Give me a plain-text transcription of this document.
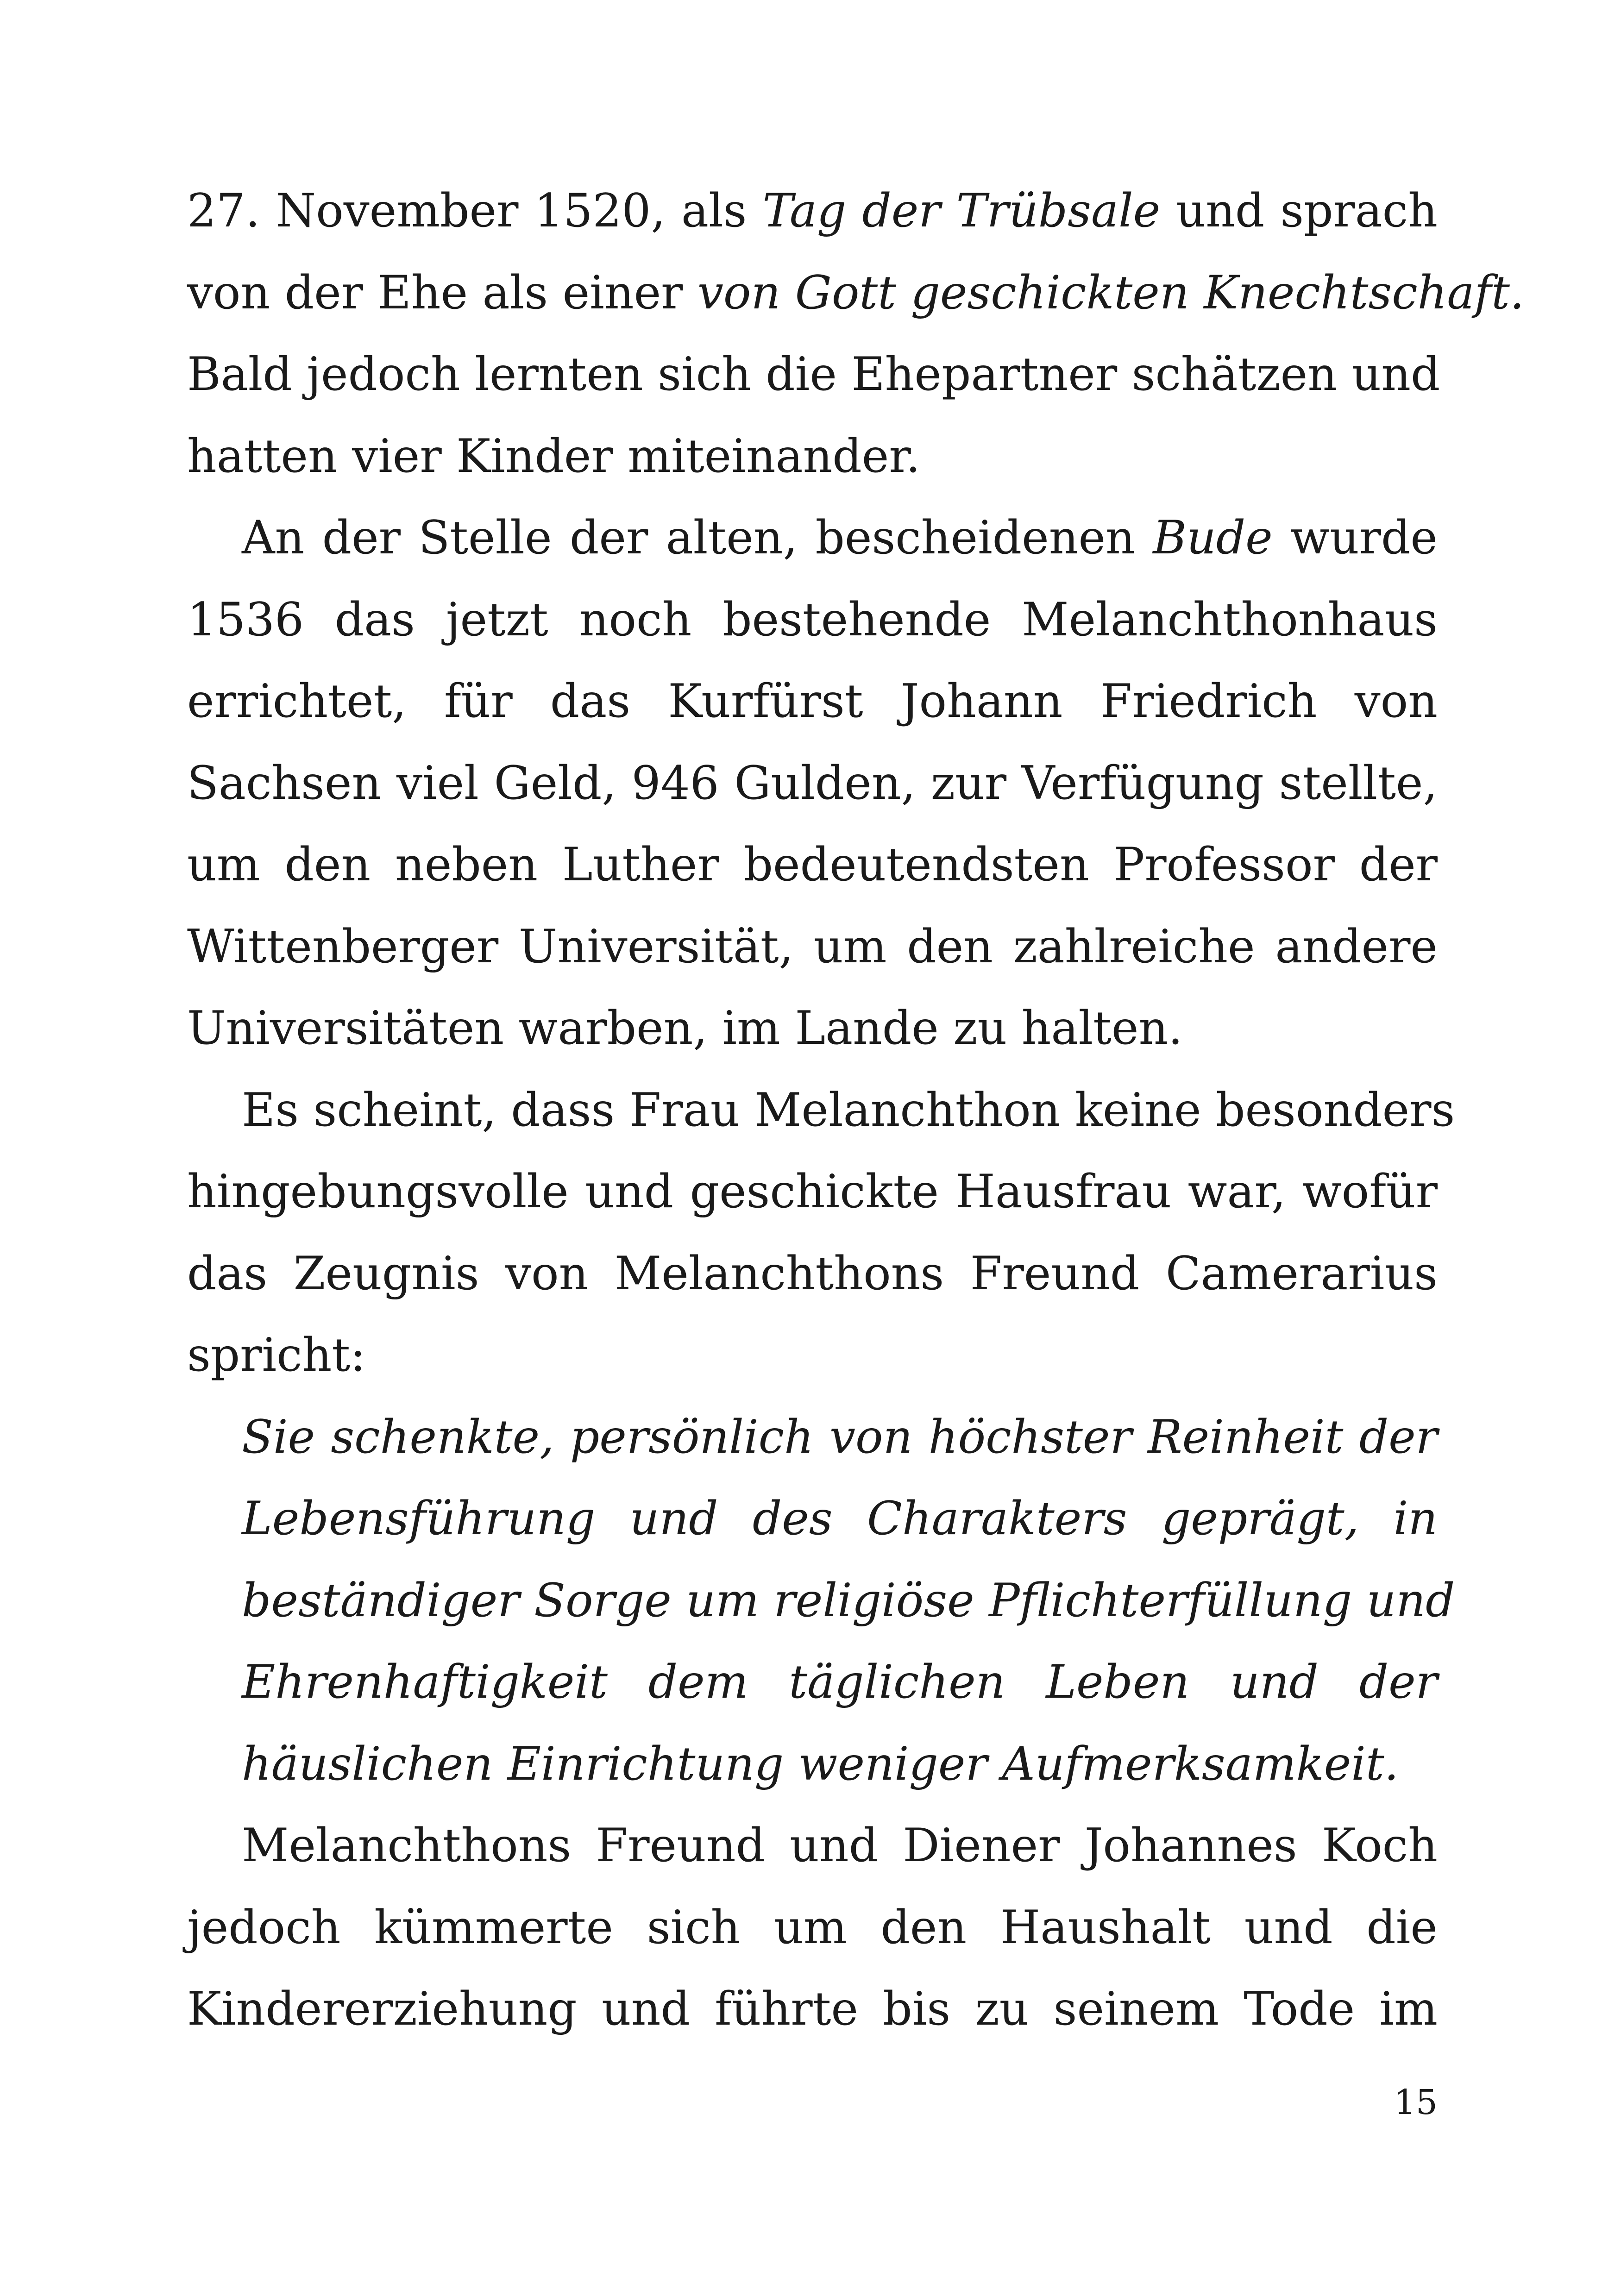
27. November 1520, als Tag der Trübsale und sprach
von der Ehe als einer von Gott geschickten Knechtschaft.
Bald jedoch lernten sich die Ehepartner schätzen und
hatten vier Kinder miteinander.
An der Stelle der alten, bescheidenen Bude wurde
1536 das jetzt noch bestehende Melanchthonhaus
errichtet, für das Kurfürst Johann Friedrich von
Sachsen viel Geld, 946 Gulden, zur Verfügung stellte,
um den neben Luther bedeutendsten Professor der
Wittenberger Universität, um den zahlreiche andere
Universitäten warben, im Lande zu halten.
Es scheint, dass Frau Melanchthon keine besonders
hingebungsvolle und geschickte Hausfrau war, wofür
das Zeugnis von Melanchthons Freund Camerarius
spricht:
Sie schenkte, persönlich von höchster Reinheit der
Lebensführung und des Charakters geprägt, in
beständiger Sorge um religiöse Pflichterfüllung und
Ehrenhaftigkeit dem täglichen Leben und der
häuslichen Einrichtung weniger Aufmerksamkeit.
Melanchthons Freund und Diener Johannes Koch
jedoch kümmerte sich um den Haushalt und die
Kindererziehung und führte bis zu seinem Tode im
15
